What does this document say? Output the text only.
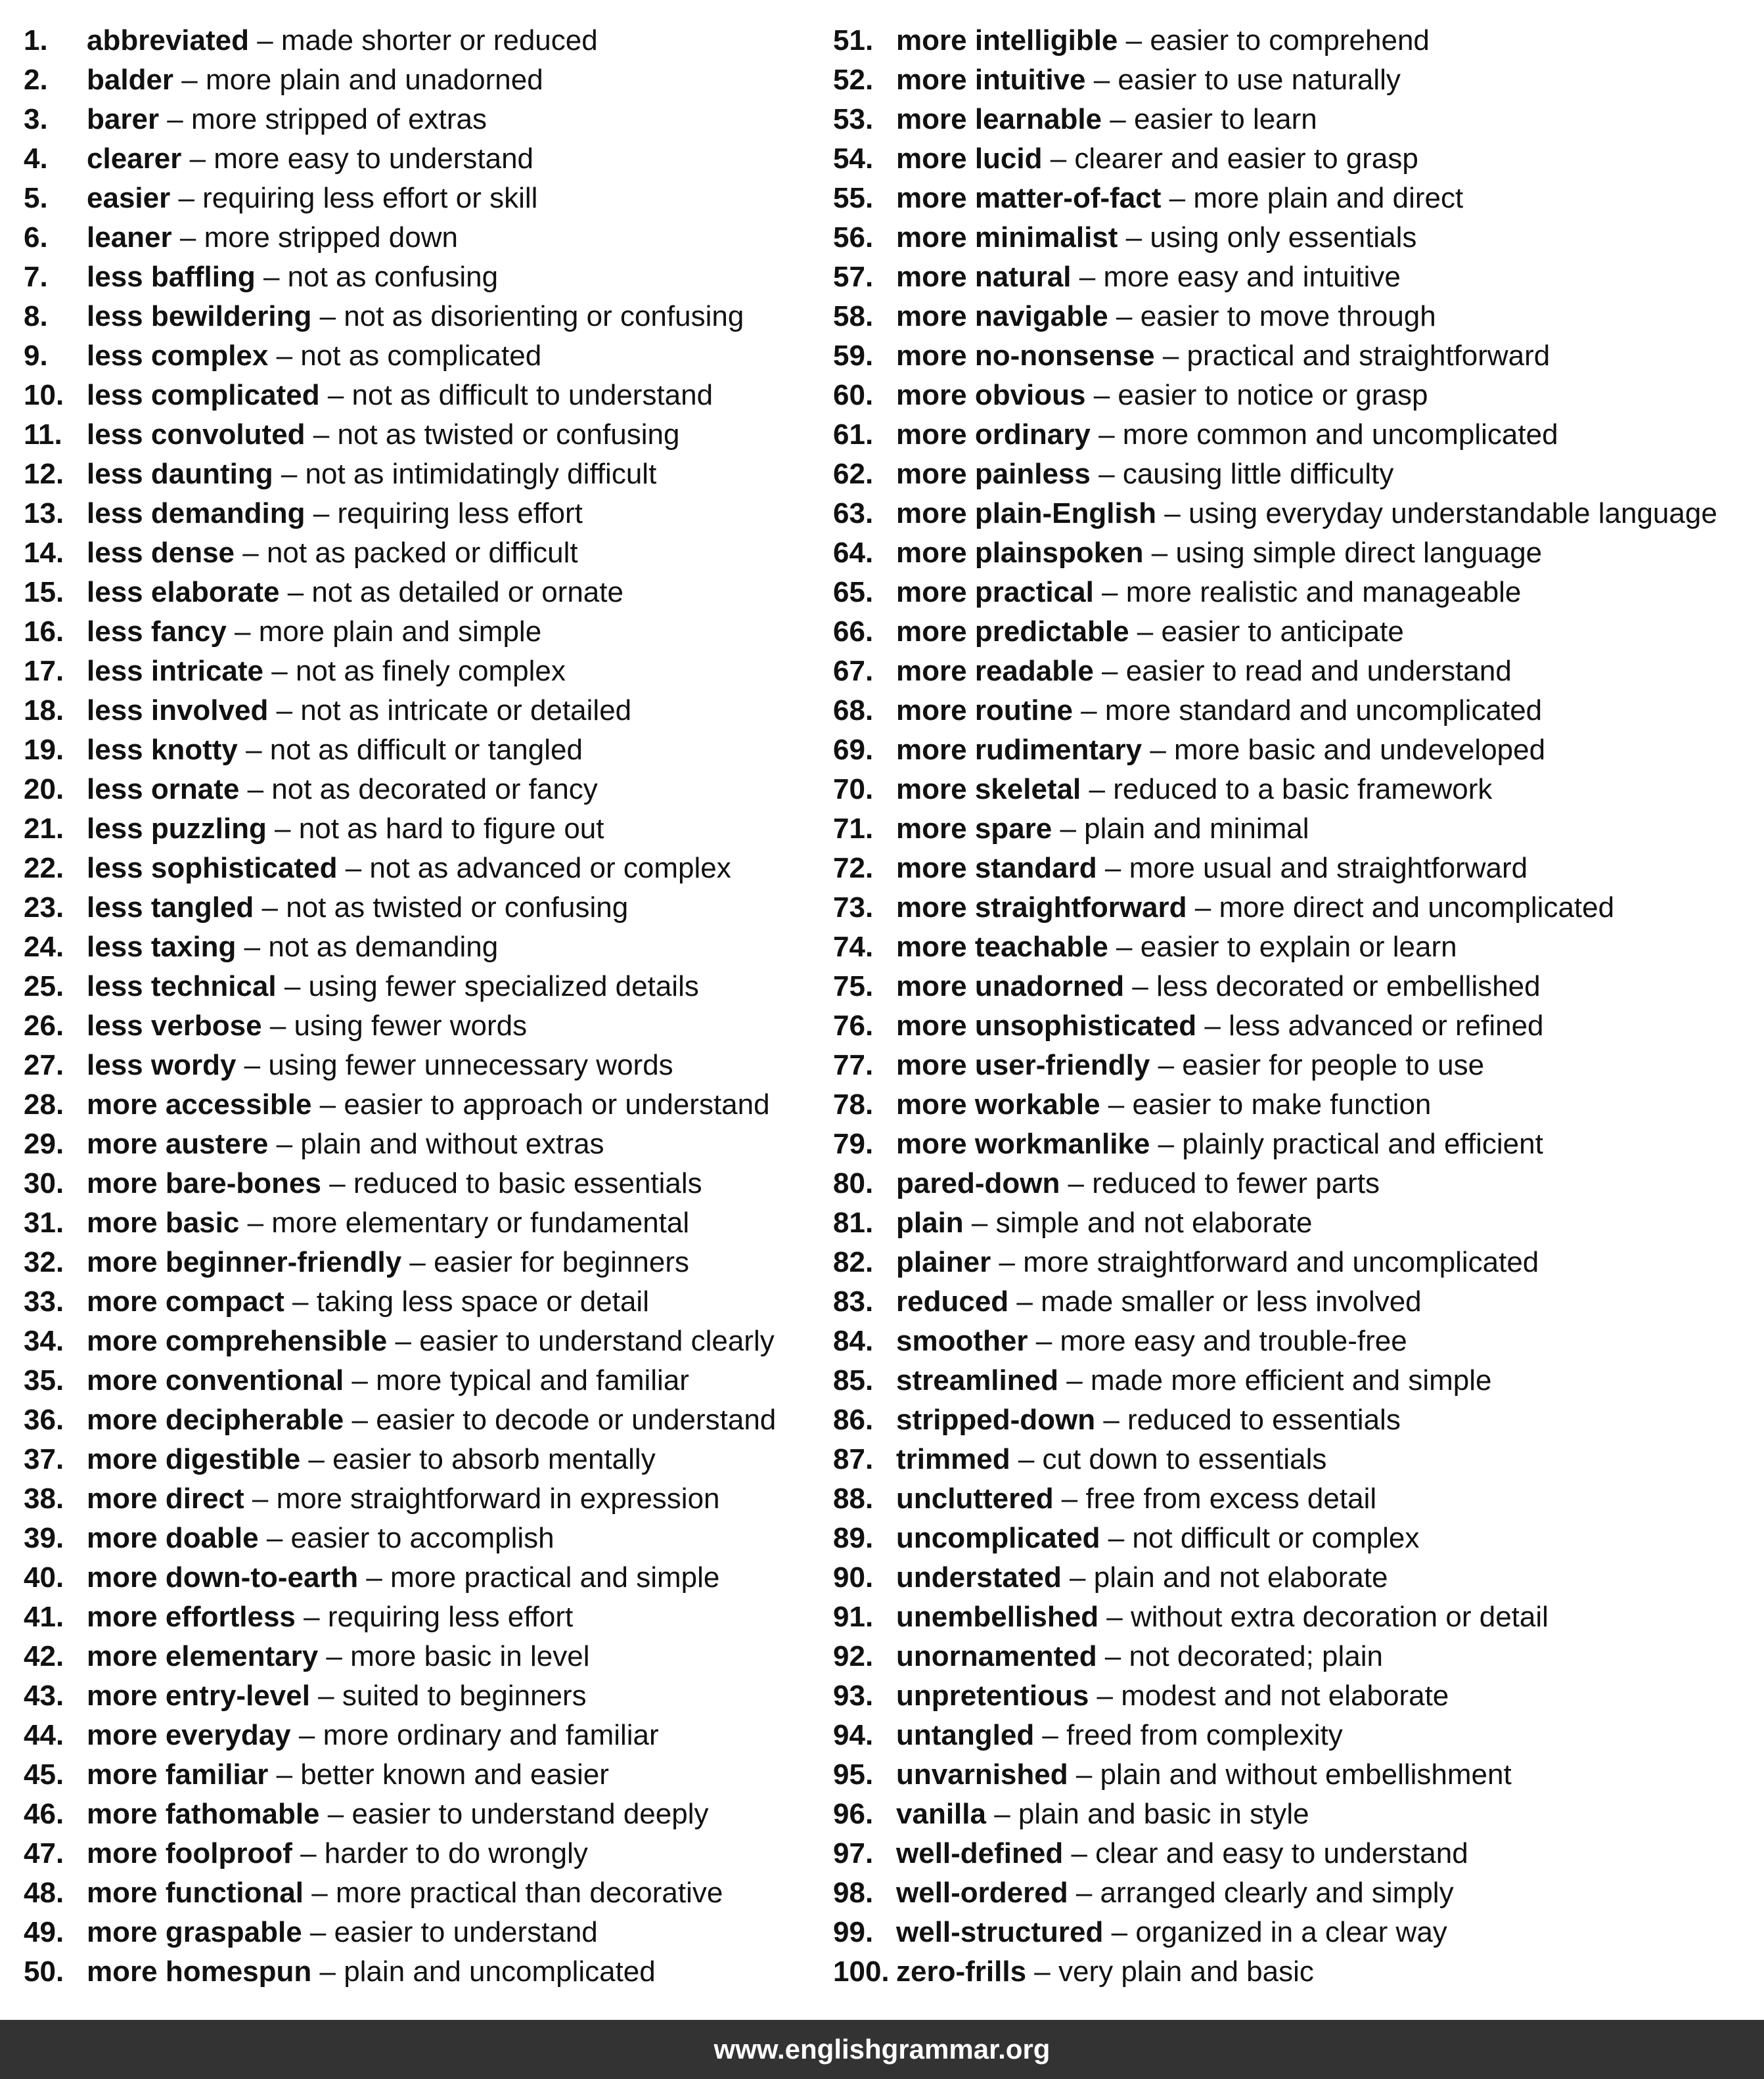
1. abbreviated – made shorter or reduced
2. balder – more plain and unadorned
3. barer – more stripped of extras
4. clearer – more easy to understand
5. easier – requiring less effort or skill
6. leaner – more stripped down
7. less baffling – not as confusing
8. less bewildering – not as disorienting or confusing
9. less complex – not as complicated
10. less complicated – not as difficult to understand
11. less convoluted – not as twisted or confusing
12. less daunting – not as intimidatingly difficult
13. less demanding – requiring less effort
14. less dense – not as packed or difficult
15. less elaborate – not as detailed or ornate
16. less fancy – more plain and simple
17. less intricate – not as finely complex
18. less involved – not as intricate or detailed
19. less knotty – not as difficult or tangled
20. less ornate – not as decorated or fancy
21. less puzzling – not as hard to figure out
22. less sophisticated – not as advanced or complex
23. less tangled – not as twisted or confusing
24. less taxing – not as demanding
25. less technical – using fewer specialized details
26. less verbose – using fewer words
27. less wordy – using fewer unnecessary words
28. more accessible – easier to approach or understand
29. more austere – plain and without extras
30. more bare-bones – reduced to basic essentials
31. more basic – more elementary or fundamental
32. more beginner-friendly – easier for beginners
33. more compact – taking less space or detail
34. more comprehensible – easier to understand clearly
35. more conventional – more typical and familiar
36. more decipherable – easier to decode or understand
37. more digestible – easier to absorb mentally
38. more direct – more straightforward in expression
39. more doable – easier to accomplish
40. more down-to-earth – more practical and simple
41. more effortless – requiring less effort
42. more elementary – more basic in level
43. more entry-level – suited to beginners
44. more everyday – more ordinary and familiar
45. more familiar – better known and easier
46. more fathomable – easier to understand deeply
47. more foolproof – harder to do wrongly
48. more functional – more practical than decorative
49. more graspable – easier to understand
50. more homespun – plain and uncomplicated
51. more intelligible – easier to comprehend
52. more intuitive – easier to use naturally
53. more learnable – easier to learn
54. more lucid – clearer and easier to grasp
55. more matter-of-fact – more plain and direct
56. more minimalist – using only essentials
57. more natural – more easy and intuitive
58. more navigable – easier to move through
59. more no-nonsense – practical and straightforward
60. more obvious – easier to notice or grasp
61. more ordinary – more common and uncomplicated
62. more painless – causing little difficulty
63. more plain-English – using everyday understandable language
64. more plainspoken – using simple direct language
65. more practical – more realistic and manageable
66. more predictable – easier to anticipate
67. more readable – easier to read and understand
68. more routine – more standard and uncomplicated
69. more rudimentary – more basic and undeveloped
70. more skeletal – reduced to a basic framework
71. more spare – plain and minimal
72. more standard – more usual and straightforward
73. more straightforward – more direct and uncomplicated
74. more teachable – easier to explain or learn
75. more unadorned – less decorated or embellished
76. more unsophisticated – less advanced or refined
77. more user-friendly – easier for people to use
78. more workable – easier to make function
79. more workmanlike – plainly practical and efficient
80. pared-down – reduced to fewer parts
81. plain – simple and not elaborate
82. plainer – more straightforward and uncomplicated
83. reduced – made smaller or less involved
84. smoother – more easy and trouble-free
85. streamlined – made more efficient and simple
86. stripped-down – reduced to essentials
87. trimmed – cut down to essentials
88. uncluttered – free from excess detail
89. uncomplicated – not difficult or complex
90. understated – plain and not elaborate
91. unembellished – without extra decoration or detail
92. unornamented – not decorated; plain
93. unpretentious – modest and not elaborate
94. untangled – freed from complexity
95. unvarnished – plain and without embellishment
96. vanilla – plain and basic in style
97. well-defined – clear and easy to understand
98. well-ordered – arranged clearly and simply
99. well-structured – organized in a clear way
100. zero-frills – very plain and basic
www.englishgrammar.org
